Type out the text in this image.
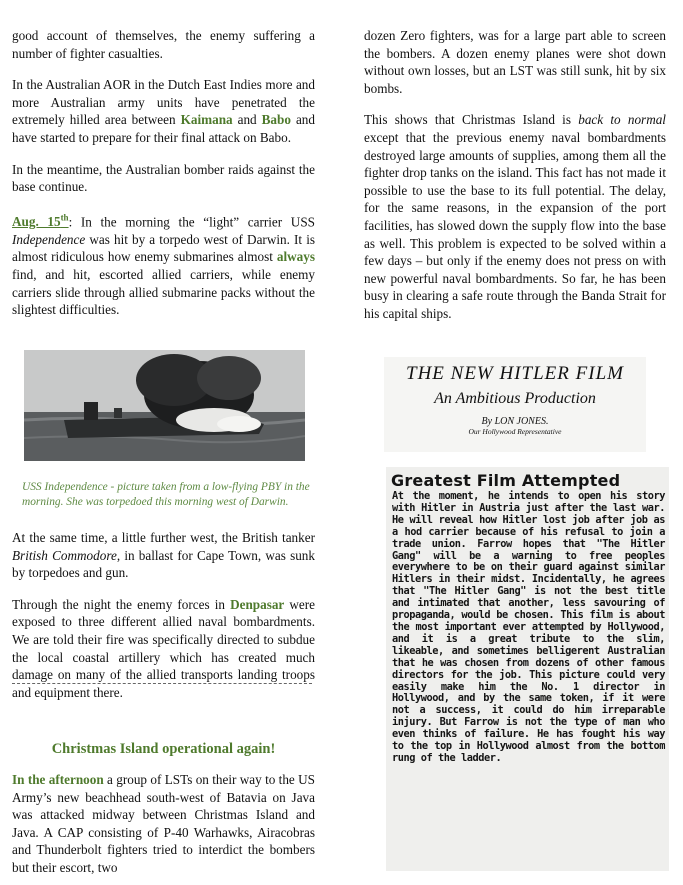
good account of themselves, the enemy suffering a number of fighter casualties.

In the Australian AOR in the Dutch East Indies more and more Australian army units have penetrated the extremely hilled area between Kaimana and Babo and have started to prepare for their final attack on Babo.

In the meantime, the Australian bomber raids against the base continue.

Aug. 15th: In the morning the “light” carrier USS Independence was hit by a torpedo west of Darwin. It is almost ridiculous how enemy submarines almost always find, and hit, escorted allied carriers, while enemy carriers slide through allied submarine packs without the slightest difficulties.

USS Independence - picture taken from a low-flying PBY in the morning. She was torpedoed this morning west of Darwin.

At the same time, a little further west, the British tanker British Commodore, in ballast for Cape Town, was sunk by torpedoes and gun.

Through the night the enemy forces in Denpasar were exposed to three different allied naval bombardments. We are told their fire was specifically directed to subdue the local coastal artillery which has created much damage on many of the allied transports landing troops and equipment there.

Christmas Island operational again!

In the afternoon a group of LSTs on their way to the US Army’s new beachhead south-west of Batavia on Java was attacked midway between Christmas Island and Java. A CAP consisting of P-40 Warhawks, Airacobras and Thunderbolt fighters tried to interdict the bombers but their escort, two

dozen Zero fighters, was for a large part able to screen the bombers. A dozen enemy planes were shot down without own losses, but an LST was still sunk, hit by six bombs.

This shows that Christmas Island is back to normal except that the previous enemy naval bombardments destroyed large amounts of supplies, among them all the fighter drop tanks on the island. This fact has not made it possible to use the base to its full potential. The delay, for the same reasons, in the expansion of the port facilities, has slowed down the supply flow into the base as well. This problem is expected to be solved within a few days – but only if the enemy does not press on with new powerful naval bombardments. So far, he has been busy in clearing a safe route through the Banda Strait for his capital ships.

THE NEW HITLER FILM
An Ambitious Production
By LON JONES.
Our Hollywood Representative
Greatest Film Attempted
At the moment, he intends to open his story with Hitler in Austria just after the last war. He will reveal how Hitler lost job after job as a hod carrier because of his refusal to join a trade union. Farrow hopes that "The Hitler Gang" will be a warning to free peoples everywhere to be on their guard against similar Hitlers in their midst. Incidentally, he agrees that "The Hitler Gang" is not the best title and intimated that another, less savouring of propaganda, would be chosen. This film is about the most important ever attempted by Hollywood, and it is a great tribute to the slim, likeable, and sometimes belligerent Australian that he was chosen from dozens of other famous directors for the job. This picture could very easily make him the No. 1 director in Hollywood, and by the same token, if it were not a success, it could do him irreparable injury. But Farrow is not the type of man who even thinks of failure. He has fought his way to the top in Hollywood almost from the bottom rung of the ladder.
